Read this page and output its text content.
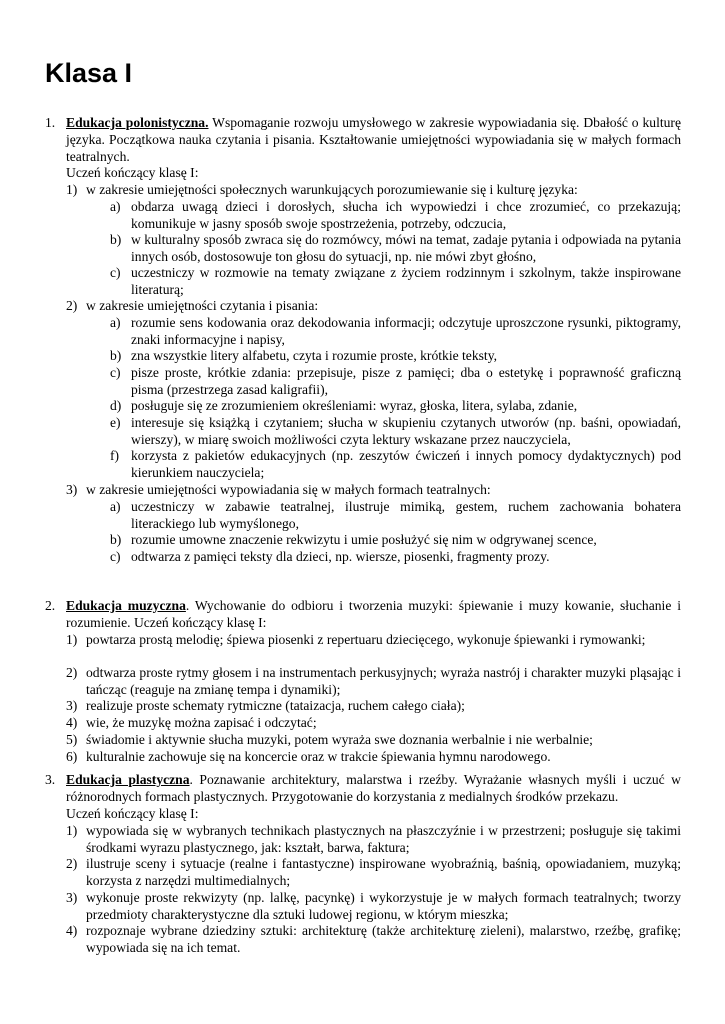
Klasa I
1. Edukacja polonistyczna. Wspomaganie rozwoju umysłowego w zakresie wypowiadania się. Dbałość o kulturę języka. Początkowa nauka czytania i pisania. Kształtowanie umiejętności wypowiadania się w małych formach teatralnych.

Uczeń kończący klasę I:

1) w zakresie umiejętności społecznych warunkujących porozumiewanie się i kulturę języka:

a) obdarza uwagą dzieci i dorosłych, słucha ich wypowiedzi i chce zrozumieć, co przekazują; komunikuje w jasny sposób swoje spostrzeżenia, potrzeby, odczucia,

b) w kulturalny sposób zwraca się do rozmówcy, mówi na temat, zadaje pytania i odpowiada na pytania innych osób, dostosowuje ton głosu do sytuacji, np. nie mówi zbyt głośno,

c) uczestniczy w rozmowie na tematy związane z życiem rodzinnym i szkolnym, także inspirowane literaturą;

2) w zakresie umiejętności czytania i pisania:

a) rozumie sens kodowania oraz dekodowania informacji; odczytuje uproszczone rysunki, piktogramy, znaki informacyjne i napisy,

b) zna wszystkie litery alfabetu, czyta i rozumie proste, krótkie teksty,

c) pisze proste, krótkie zdania: przepisuje, pisze z pamięci; dba o estetykę i poprawność graficzną pisma (przestrzega zasad kaligrafii),

d) posługuje się ze zrozumieniem określeniami: wyraz, głoska, litera, sylaba, zdanie,

e) interesuje się książką i czytaniem; słucha w skupieniu czytanych utworów (np. baśni, opowiadań, wierszy), w miarę swoich możliwości czyta lektury wskazane przez nauczyciela,

f) korzysta z pakietów edukacyjnych (np. zeszytów ćwiczeń i innych pomocy dydaktycznych) pod kierunkiem nauczyciela;

3) w zakresie umiejętności wypowiadania się w małych formach teatralnych:

a) uczestniczy w zabawie teatralnej, ilustruje mimiką, gestem, ruchem zachowania bohatera literackiego lub wymyślonego,

b) rozumie umowne znaczenie rekwizytu i umie posłużyć się nim w odgrywanej scence,

c) odtwarza z pamięci teksty dla dzieci, np. wiersze, piosenki, fragmenty prozy.

2. Edukacja muzyczna. Wychowanie do odbioru i tworzenia muzyki: śpiewanie i muzy kowanie, słuchanie i rozumienie. Uczeń kończący klasę I:

1) powtarza prostą melodię; śpiewa piosenki z repertuaru dziecięcego, wykonuje śpiewanki i rymowanki;

2) odtwarza proste rytmy głosem i na instrumentach perkusyjnych; wyraża nastrój i charakter muzyki pląsając i tańcząc (reaguje na zmianę tempa i dynamiki);

3) realizuje proste schematy rytmiczne (tataizacja, ruchem całego ciała);

4) wie, że muzykę można zapisać i odczytać;

5) świadomie i aktywnie słucha muzyki, potem wyraża swe doznania werbalnie i nie werbalnie;

6) kulturalnie zachowuje się na koncercie oraz w trakcie śpiewania hymnu narodowego.

3. Edukacja plastyczna. Poznawanie architektury, malarstwa i rzeźby. Wyrażanie własnych myśli i uczuć w różnorodnych formach plastycznych. Przygotowanie do korzystania z medialnych środków przekazu.

Uczeń kończący klasę I:

1) wypowiada się w wybranych technikach plastycznych na płaszczyźnie i w przestrzeni; posługuje się takimi środkami wyrazu plastycznego, jak: kształt, barwa, faktura;

2) ilustruje sceny i sytuacje (realne i fantastyczne) inspirowane wyobraźnią, baśnią, opowiadaniem, muzyką; korzysta z narzędzi multimedialnych;

3) wykonuje proste rekwizyty (np. lalkę, pacynkę) i wykorzystuje je w małych formach teatralnych; tworzy przedmioty charakterystyczne dla sztuki ludowej regionu, w którym mieszka;

4) rozpoznaje wybrane dziedziny sztuki: architekturę (także architekturę zieleni), malarstwo, rzeźbę, grafikę; wypowiada się na ich temat.
